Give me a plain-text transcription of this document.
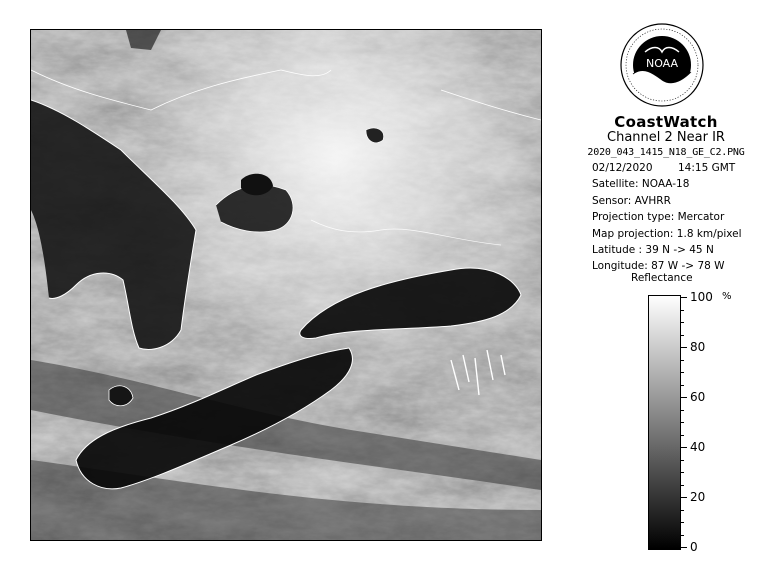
NOAA
CoastWatch
Channel 2 Near IR
2020_043_1415_N18_GE_C2.PNG
02/12/2020 14:15 GMT
Satellite: NOAA-18
Sensor: AVHRR
Projection type: Mercator
Map projection: 1.8 km/pixel
Latitude : 39 N -> 45 N
Longitude: 87 W -> 78 W
Reflectance
%
100
80
60
40
20
0
